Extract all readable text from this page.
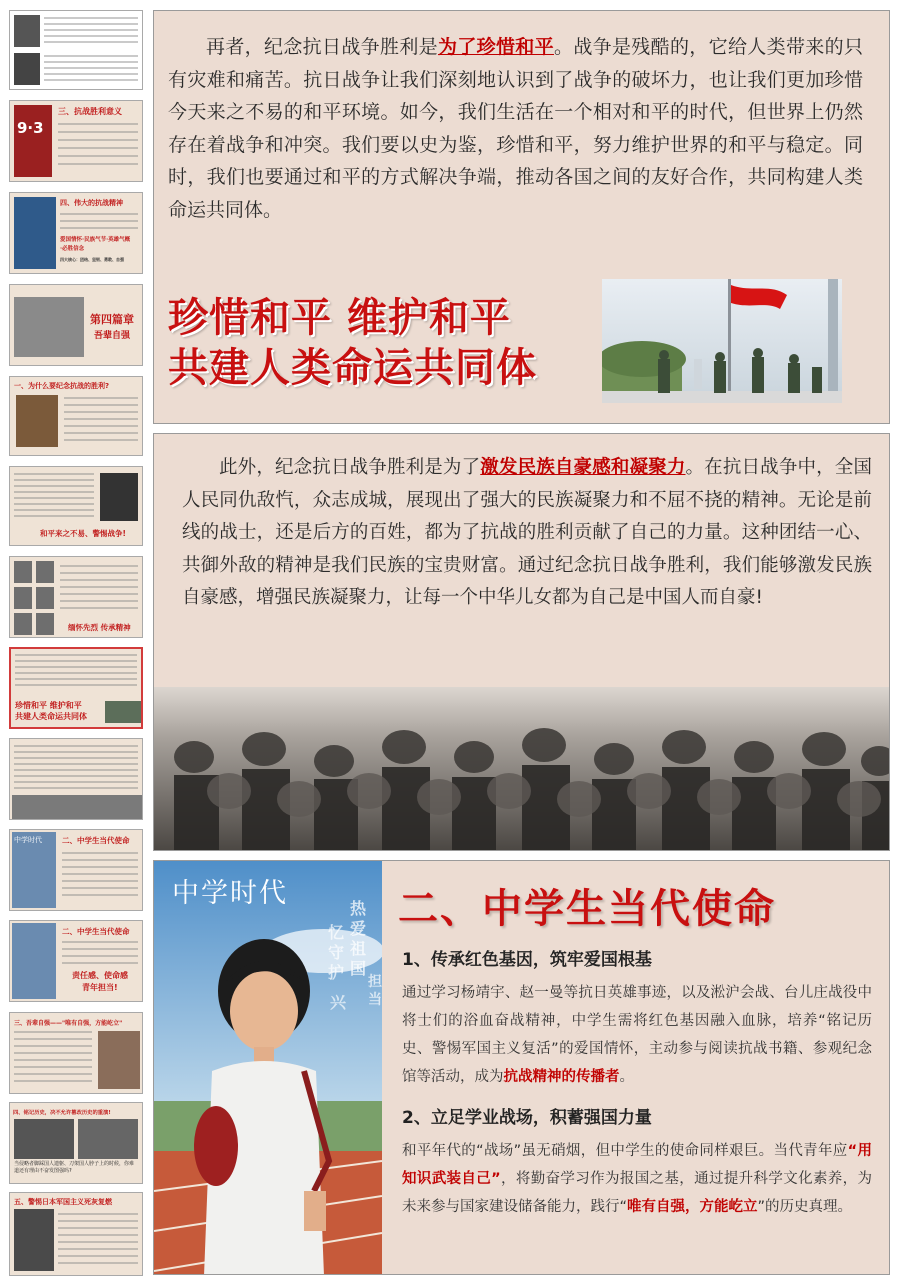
9·3
三、抗战胜利意义
四、伟大的抗战精神
爱国情怀·民族气节·英雄气概
·必胜信念
四大核心：团结、坚韧、勇敢、自强
第四篇章
吾辈自强
一、为什么要纪念抗战的胜利?
和平来之不易、警惕战争!
缅怀先烈 传承精神
珍惜和平 维护和平
共建人类命运共同体
中学时代	二、中学生当代使命
二、中学生当代使命
责任感、使命感
青年担当!
三、吾辈自强——"唯有自强，方能屹立"
四、铭记历史，决不允许篡改历史的重演!
当侵略者脚踩国人遗躯、刀架国人脖子上的时候，你难道还有理由不奋发图强吗?
五、警惕日本军国主义死灰复燃

再者，纪念抗日战争胜利是为了珍惜和平。战争是残酷的，它给人类带来的只有灾难和痛苦。抗日战争让我们深刻地认识到了战争的破坏力，也让我们更加珍惜今天来之不易的和平环境。如今，我们生活在一个相对和平的时代，但世界上仍然存在着战争和冲突。我们要以史为鉴，珍惜和平，努力维护世界的和平与稳定。同时，我们也要通过和平的方式解决争端，推动各国之间的友好合作，共同构建人类命运共同体。

珍惜和平 维护和平
共建人类命运共同体

此外，纪念抗日战争胜利是为了激发民族自豪感和凝聚力。在抗日战争中，全国人民同仇敌忾，众志成城，展现出了强大的民族凝聚力和不屈不挠的精神。无论是前线的战士，还是后方的百姓，都为了抗战的胜利贡献了自己的力量。这种团结一心、共御外敌的精神是我们民族的宝贵财富。通过纪念抗日战争胜利，我们能够激发民族自豪感，增强民族凝聚力，让每一个中华儿女都为自己是中国人而自豪!

中学时代	热爱祖国
忆守护 担当
兴
二、中学生当代使命
1、传承红色基因，筑牢爱国根基

通过学习杨靖宇、赵一曼等抗日英雄事迹，以及淞沪会战、台儿庄战役中将士们的浴血奋战精神，中学生需将红色基因融入血脉，培养“铭记历史、警惕军国主义复活”的爱国情怀，主动参与阅读抗战书籍、参观纪念馆等活动，成为抗战精神的传播者。

2、立足学业战场，积蓄强国力量

和平年代的“战场”虽无硝烟，但中学生的使命同样艰巨。当代青年应“用知识武装自己”，将勤奋学习作为报国之基，通过提升科学文化素养，为未来参与国家建设储备能力，践行“唯有自强，方能屹立”的历史真理。
